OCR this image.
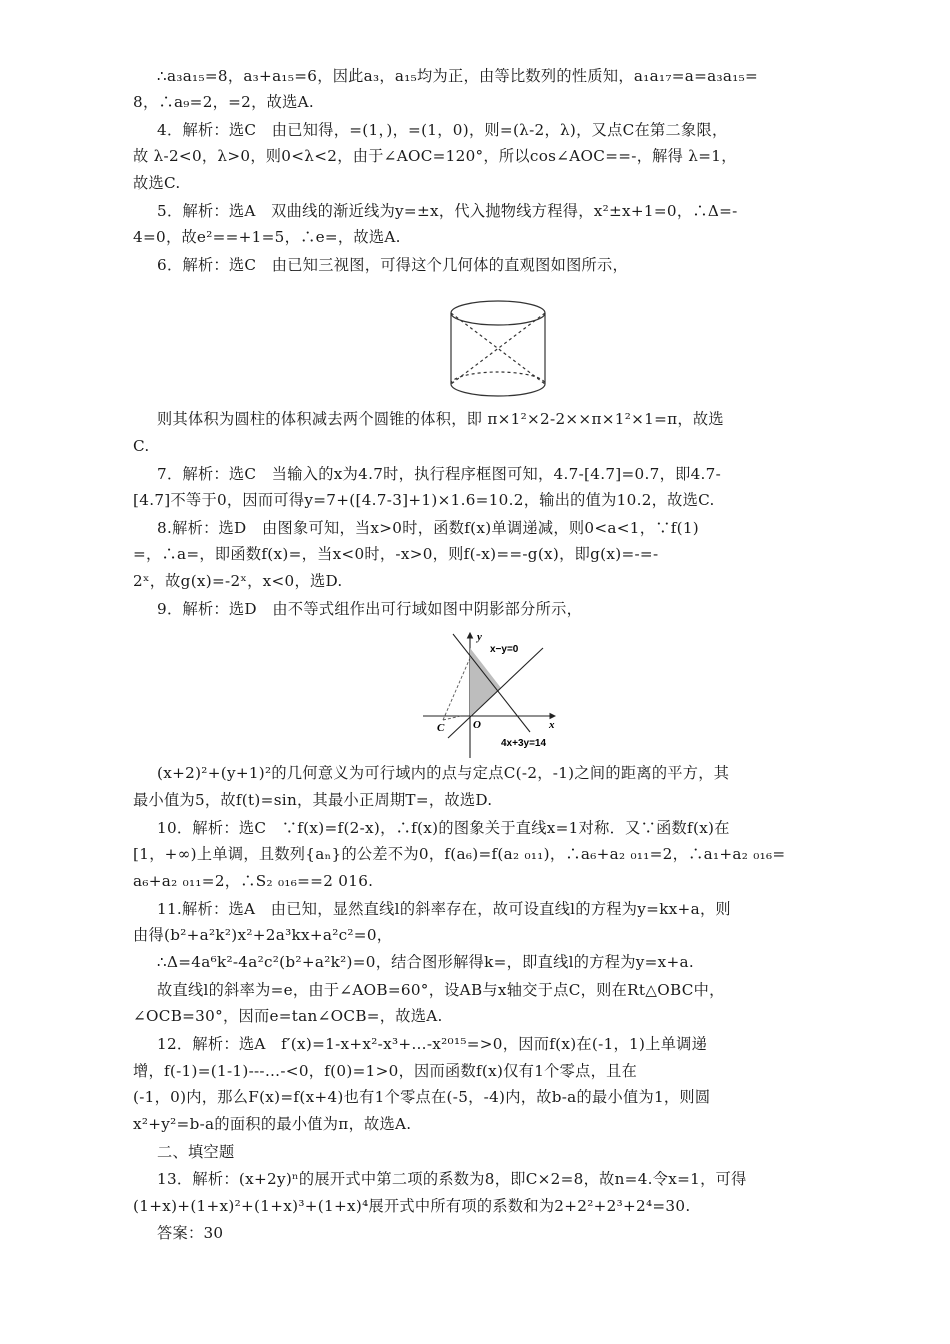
∴a₃a₁₅=8，a₃+a₁₅=6，因此a₃，a₁₅均为正，由等比数列的性质知，a₁a₁₇=a=a₃a₁₅=
8，∴a₉=2，=2，故选A.
4．解析：选C　由已知得，=(1，)，=(1，0)，则=(λ-2，λ)，又点C在第二象限，
故 λ-2<0，λ>0，则0<λ<2，由于∠AOC=120°，所以cos∠AOC==-，解得 λ=1，
故选C.
5．解析：选A　双曲线的渐近线为y=±x，代入抛物线方程得，x²±x+1=0，∴Δ=-
4=0，故e²==+1=5，∴e=，故选A.
6．解析：选C　由已知三视图，可得这个几何体的直观图如图所示，
则其体积为圆柱的体积减去两个圆锥的体积，即 π×1²×2-2××π×1²×1=π，故选
C.
7．解析：选C　当输入的x为4.7时，执行程序框图可知，4.7-[4.7]=0.7，即4.7-
[4.7]不等于0，因而可得y=7+([4.7-3]+1)×1.6=10.2，输出的值为10.2，故选C.
8.解析：选D　由图象可知，当x>0时，函数f(x)单调递减，则0<a<1，∵f(1)
=，∴a=，即函数f(x)=，当x<0时，-x>0，则f(-x)==-g(x)，即g(x)=-=-
2ˣ，故g(x)=-2ˣ，x<0，选D.
9．解析：选D　由不等式组作出可行域如图中阴影部分所示，
(x+2)²+(y+1)²的几何意义为可行域内的点与定点C(-2，-1)之间的距离的平方，其
最小值为5，故f(t)=sin，其最小正周期T=，故选D.
10．解析：选C　∵f(x)=f(2-x)，∴f(x)的图象关于直线x=1对称．又∵函数f(x)在
[1，+∞)上单调，且数列{aₙ}的公差不为0，f(a₆)=f(a₂ ₀₁₁)，∴a₆+a₂ ₀₁₁=2，∴a₁+a₂ ₀₁₆=
a₆+a₂ ₀₁₁=2，∴S₂ ₀₁₆==2 016.
11.解析：选A　由已知，显然直线l的斜率存在，故可设直线l的方程为y=kx+a，则
由得(b²+a²k²)x²+2a³kx+a²c²=0，
∴Δ=4a⁶k²-4a²c²(b²+a²k²)=0，结合图形解得k=，即直线l的方程为y=x+a.
故直线l的斜率为=e，由于∠AOB=60°，设AB与x轴交于点C，则在Rt△OBC中，
∠OCB=30°，因而e=tan∠OCB=，故选A.
12．解析：选A　f′(x)=1-x+x²-x³+…-x²⁰¹⁵=>0，因而f(x)在(-1，1)上单调递
增，f(-1)=(1-1)---…-<0，f(0)=1>0，因而函数f(x)仅有1个零点，且在
(-1，0)内，那么F(x)=f(x+4)也有1个零点在(-5，-4)内，故b-a的最小值为1，则圆
x²+y²=b-a的面积的最小值为π，故选A.
二、填空题
13．解析：(x+2y)ⁿ的展开式中第二项的系数为8，即C×2=8，故n=4.令x=1，可得
(1+x)+(1+x)²+(1+x)³+(1+x)⁴展开式中所有项的系数和为2+2²+2³+2⁴=30.
答案：30
y
x
O
C
x−y=0
4x+3y=14
